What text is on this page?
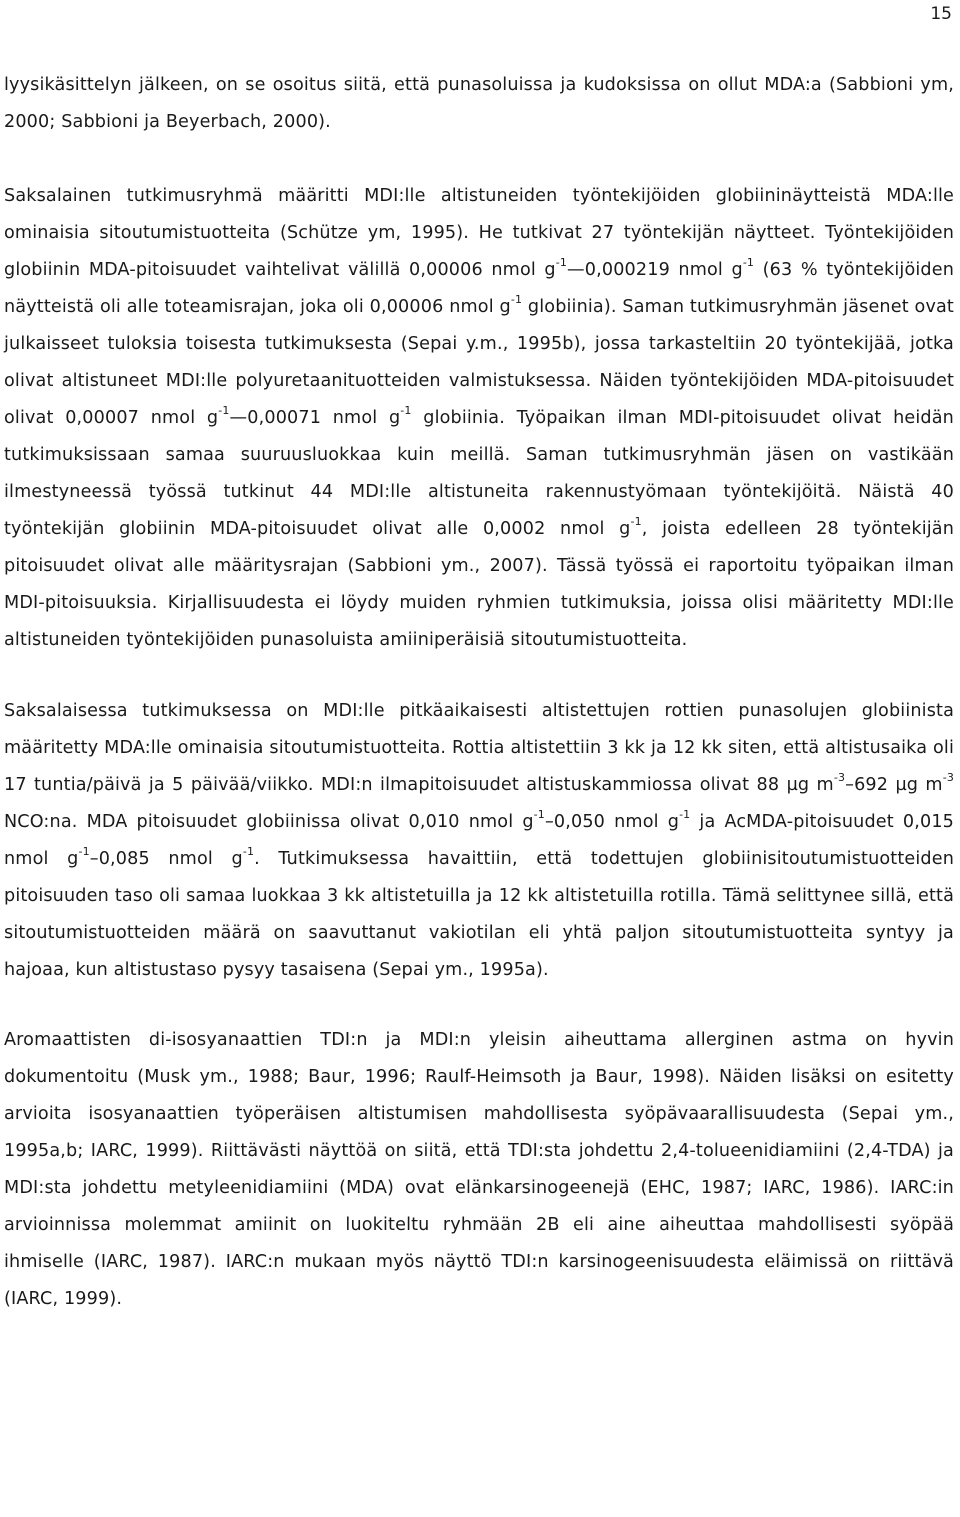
15

lyysikäsittelyn jälkeen, on se osoitus siitä, että punasoluissa ja kudoksissa on ollut MDA:a (Sabbioni ym, 2000; Sabbioni ja Beyerbach, 2000).

Saksalainen tutkimusryhmä määritti MDI:lle altistuneiden työntekijöiden globiininäytteistä MDA:lle ominaisia sitoutumistuotteita (Schütze ym, 1995). He tutkivat 27 työntekijän näytteet. Työntekijöiden globiinin MDA-pitoisuudet vaihtelivat välillä 0,00006 nmol $g^{-1}—0,000219$ nmol $g^{-1}$ (63 % työntekijöiden näytteistä oli alle toteamisrajan, joka oli 0,00006 nmol $g^{-1}$ globiinia). Saman tutkimusryhmän jäsenet ovat julkaisseet tuloksia toisesta tutkimuksesta (Sepai y.m., 1995b), jossa tarkasteltiin 20 työntekijää, jotka olivat altistuneet MDI:lle polyuretaanituotteiden valmistuksessa. Näiden työntekijöiden MDA-pitoisuudet olivat 0,00007 nmol $g^{-1}—0,00071$ nmol $g^{-1}$ globiinia. Työpaikan ilman MDI-pitoisuudet olivat heidän tutkimuksissaan samaa suuruusluokkaa kuin meillä. Saman tutkimusryhmän jäsen on vastikään ilmestyneessä työssä tutkinut 44 MDI:lle altistuneita rakennustyömaan työntekijöitä. Näistä 40 työntekijän globiinin MDA-pitoisuudet olivat alle 0,0002 nmol $g^{-1}$, joista edelleen 28 työntekijän pitoisuudet olivat alle määritysrajan (Sabbioni ym., 2007). Tässä työssä ei raportoitu työpaikan ilman MDI-pitoisuuksia. Kirjallisuudesta ei löydy muiden ryhmien tutkimuksia, joissa olisi määritetty MDI:lle altistuneiden työntekijöiden punasoluista amiiniperäisiä sitoutumistuotteita.

Saksalaisessa tutkimuksessa on MDI:lle pitkäaikaisesti altistettujen rottien punasolujen globiinista määritetty MDA:lle ominaisia sitoutumistuotteita. Rottia altistettiin 3 kk ja 12 kk siten, että altistusaika oli 17 tuntia/päivä ja 5 päivää/viikko. MDI:n ilmapitoisuudet altistuskammiossa olivat 88 µg $m^{-3}-692$ µg $m^{-3}$ NCO:na. MDA pitoisuudet globiinissa olivat 0,010 nmol $g^{-1}-0,050$ nmol $g^{-1}$ ja AcMDA-pitoisuudet 0,015 nmol $g^{-1}-0,085$ nmol $g^{-1}$. Tutkimuksessa havaittiin, että todettujen globiinisitoutumistuotteiden pitoisuuden taso oli samaa luokkaa 3 kk altistetuilla ja 12 kk altistetuilla rotilla. Tämä selittynee sillä, että sitoutumistuotteiden määrä on saavuttanut vakiotilan eli yhtä paljon sitoutumistuotteita syntyy ja hajoaa, kun altistustaso pysyy tasaisena (Sepai ym., 1995a).

Aromaattisten di-isosyanaattien TDI:n ja MDI:n yleisin aiheuttama allerginen astma on hyvin dokumentoitu (Musk ym., 1988; Baur, 1996; Raulf-Heimsoth ja Baur, 1998). Näiden lisäksi on esitetty arvioita isosyanaattien työperäisen altistumisen mahdollisesta syöpävaarallisuudesta (Sepai ym., 1995a,b; IARC, 1999). Riittävästi näyttöä on siitä, että TDI:sta johdettu 2,4-tolueenidiamiini (2,4-TDA) ja MDI:sta johdettu metyleenidiamiini (MDA) ovat elänkarsinogeenejä (EHC, 1987; IARC, 1986). IARC:in arvioinnissa molemmat amiinit on luokiteltu ryhmään 2B eli aine aiheuttaa mahdollisesti syöpää ihmiselle (IARC, 1987). IARC:n mukaan myös näyttö TDI:n karsinogeenisuudesta eläimissä on riittävä (IARC, 1999).
